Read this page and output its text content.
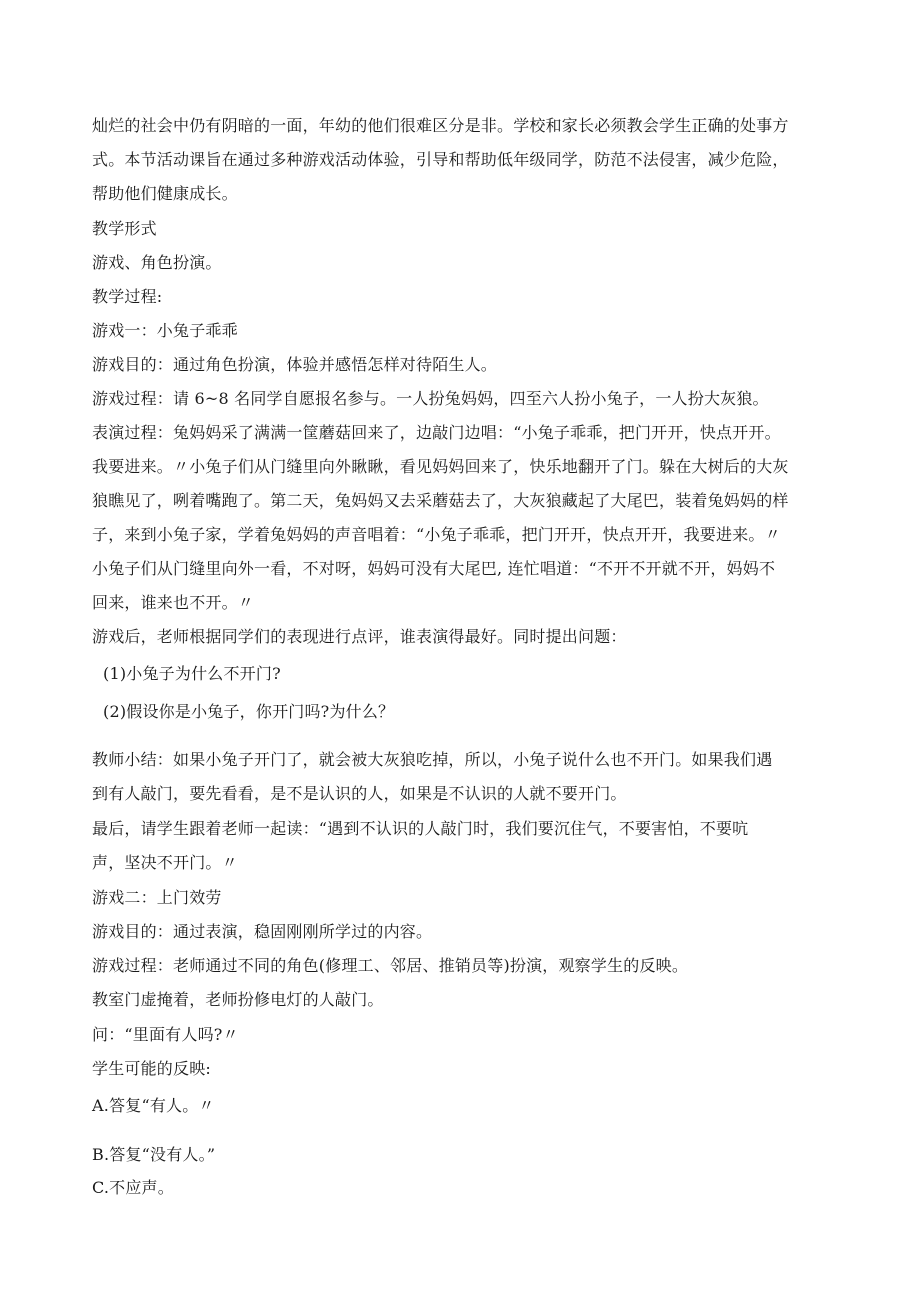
灿烂的社会中仍有阴暗的一面，年幼的他们很难区分是非。学校和家长必须教会学生正确的处事方

式。本节活动课旨在通过多种游戏活动体验，引导和帮助低年级同学，防范不法侵害，减少危险，

帮助他们健康成长。

教学形式

游戏、角色扮演。

教学过程:

游戏一：小兔子乖乖

游戏目的：通过角色扮演，体验并感悟怎样对待陌生人。

游戏过程：请 6~8 名同学自愿报名参与。一人扮兔妈妈，四至六人扮小兔子，一人扮大灰狼。

表演过程：兔妈妈采了满满一筐蘑菇回来了，边敲门边唱：“小兔子乖乖，把门开开，快点开开。

我要进来。〃小兔子们从门缝里向外瞅瞅，看见妈妈回来了，快乐地翻开了门。躲在大树后的大灰

狼瞧见了，咧着嘴跑了。第二天，兔妈妈又去采蘑菇去了，大灰狼藏起了大尾巴，装着兔妈妈的样

子，来到小兔子家，学着兔妈妈的声音唱着：“小兔子乖乖，把门开开，快点开开，我要进来。〃

小兔子们从门缝里向外一看，不对呀，妈妈可没有大尾巴, 连忙唱道：“不开不开就不开，妈妈不

回来，谁来也不开。〃

游戏后，老师根据同学们的表现进行点评，谁表演得最好。同时提出问题：

(1)小兔子为什么不开门?

(2)假设你是小兔子，你开门吗?为什么？

教师小结：如果小兔子开门了，就会被大灰狼吃掉，所以，小兔子说什么也不开门。如果我们遇

到有人敲门，要先看看，是不是认识的人，如果是不认识的人就不要开门。

最后，请学生跟着老师一起读：“遇到不认识的人敲门时，我们要沉住气，不要害怕，不要吭

声，坚决不开门。〃

游戏二：上门效劳

游戏目的：通过表演，稳固刚刚所学过的内容。

游戏过程：老师通过不同的角色(修理工、邻居、推销员等)扮演，观察学生的反映。

教室门虚掩着，老师扮修电灯的人敲门。

问：“里面有人吗?〃

学生可能的反映:

A.答复“有人。〃

B.答复“没有人。”

C.不应声。
